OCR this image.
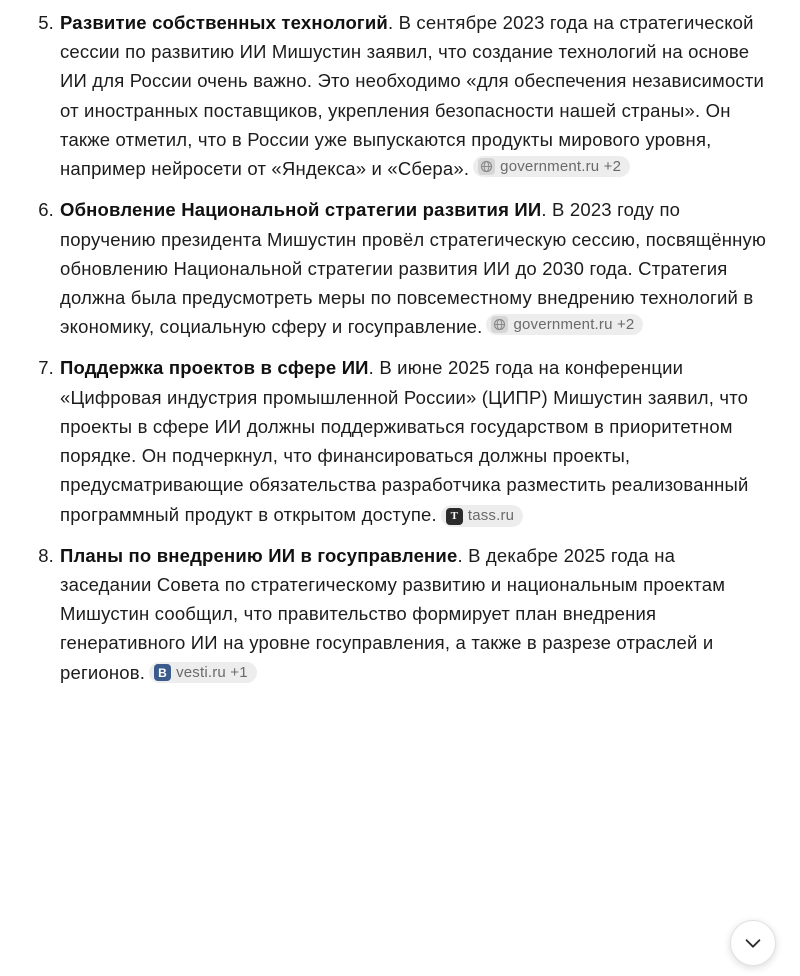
Развитие собственных технологий. В сентябре 2023 года на стратегической сессии по развитию ИИ Мишустин заявил, что создание технологий на основе ИИ для России очень важно. Это необходимо «для обеспечения независимости от иностранных поставщиков, укрепления безопасности нашей страны». Он также отметил, что в России уже выпускаются продукты мирового уровня, например нейросети от «Яндекса» и «Сбера». government.ru +2
Обновление Национальной стратегии развития ИИ. В 2023 году по поручению президента Мишустин провёл стратегическую сессию, посвящённую обновлению Национальной стратегии развития ИИ до 2030 года. Стратегия должна была предусмотреть меры по повсеместному внедрению технологий в экономику, социальную сферу и госуправление. government.ru +2
Поддержка проектов в сфере ИИ. В июне 2025 года на конференции «Цифровая индустрия промышленной России» (ЦИПР) Мишустин заявил, что проекты в сфере ИИ должны поддерживаться государством в приоритетном порядке. Он подчеркнул, что финансироваться должны проекты, предусматривающие обязательства разработчика разместить реализованный программный продукт в открытом доступе.	T tass.ru
Планы по внедрению ИИ в госуправление. В декабре 2025 года на заседании Совета по стратегическому развитию и национальным проектам Мишустин сообщил, что правительство формирует план внедрения генеративного ИИ на уровне госуправления, а также в разрезе отраслей и регионов.	В vesti.ru +1
